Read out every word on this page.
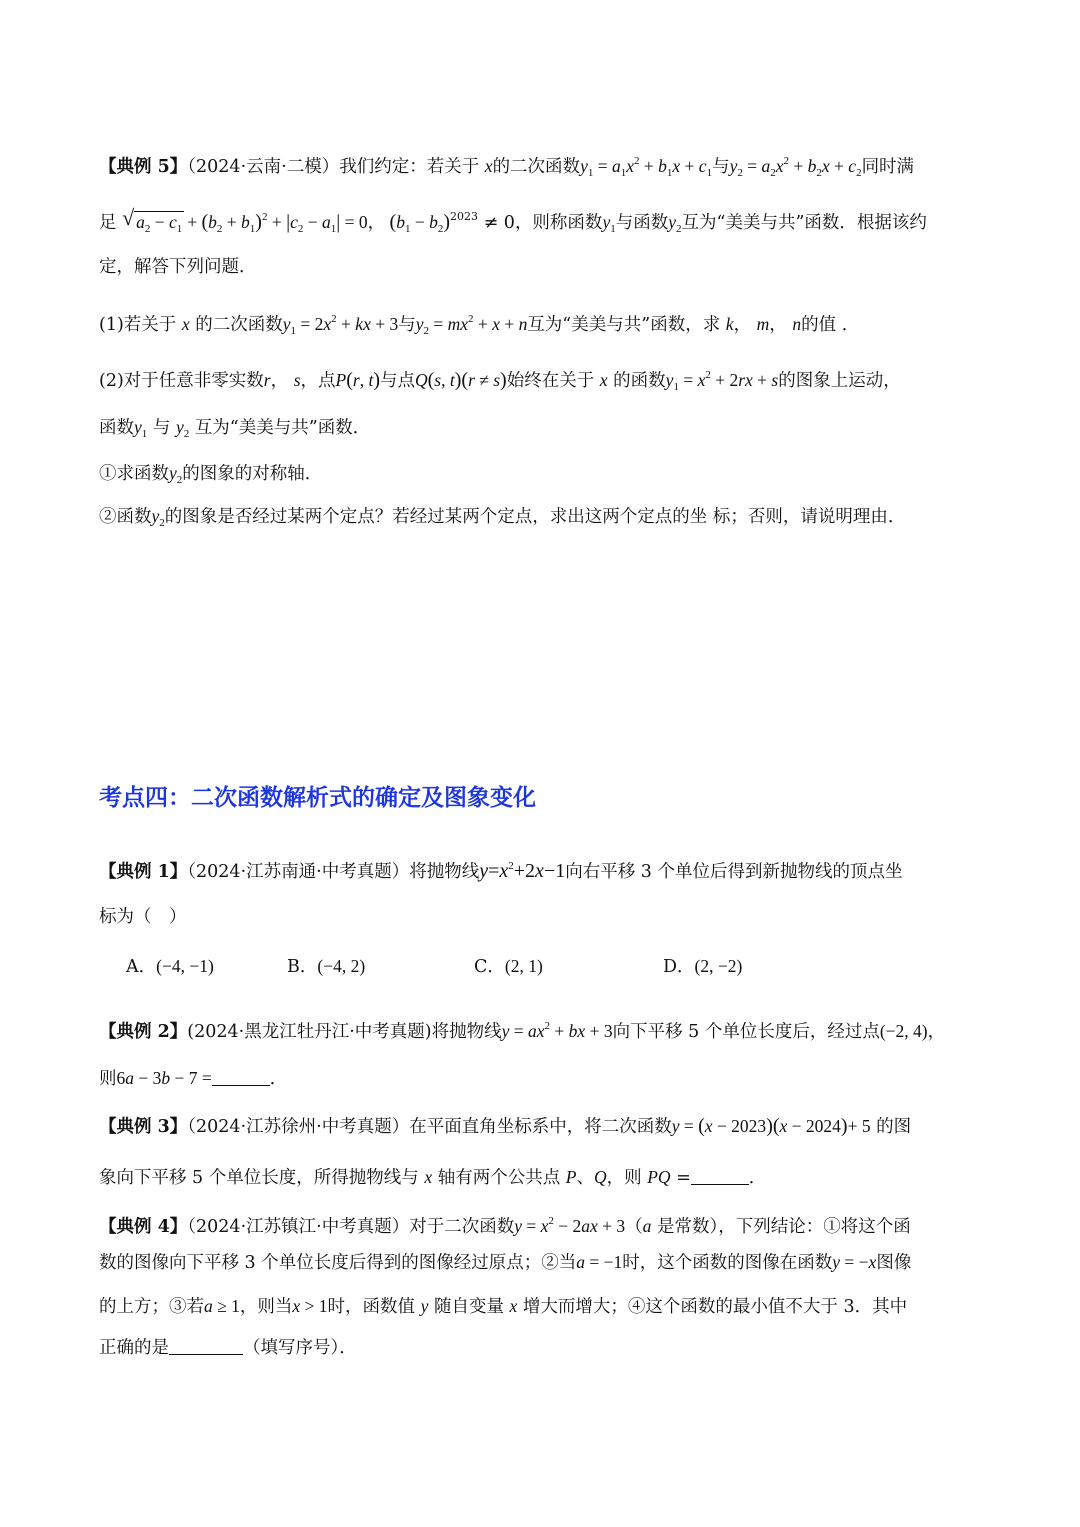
【典例 5】（2024·云南·二模）我们约定：若关于 x的二次函数$y_1 = a_1x^2 + b_1x + c_1$与$y_2 = a_2x^2 + b_2x + c_2$同时满
足 √ $a_2 - c_1 + (b_2 + b_1)^2 + |c_2 - a_1| = 0$， $(b_1 - b_2)^{2023} \ne 0$，则称函数$y_1$与函数$y_2$互为“美美与共”函数．根据该约
定，解答下列问题．
(1)若关于 x 的二次函数$y_1 = 2x^2$ + kx + 3与$y_2 = mx^2 + x + n$互为“美美与共”函数，求 k， m， n的值 ．
(2)对于任意非零实数r， s，点P(r, t)与点Q(s, t)(r ≠ s)始终在关于 x 的函数$y_1 = x^2 + 2rx + s$的图象上运动，
函数$y_1$ 与 $y_2$ 互为“美美与共”函数．
①求函数$y_2$的图象的对称轴．
②函数$y_2$的图象是否经过某两个定点？若经过某两个定点，求出这两个定点的坐 标；否则，请说明理由．
考点四：二次函数解析式的确定及图象变化
【典例 1】（2024·江苏南通·中考真题）将抛物线$y=x^2+2x-1$向右平移 3 个单位后得到新抛物线的顶点坐
标为（　）
A．(−4, −1)	B．(−4, 2)	C．(2, 1)	D．(2, −2)
【典例 2】(2024·黑龙江牡丹江·中考真题)将抛物线$y = ax^2$ + bx + 3向下平移 5 个单位长度后，经过点(−2, 4)，
则6a − 3b − 7 =	．
【典例 3】（2024·江苏徐州·中考真题）在平面直角坐标系中，将二次函数y = (x − 2023)(x − 2024)+ 5 的图
象向下平移 5 个单位长度，所得抛物线与 x 轴有两个公共点 P、Q，则 PQ =	．
【典例 4】（2024·江苏镇江·中考真题）对于二次函数$y = x^2 - 2ax + 3(a$ 是常数），下列结论：①将这个函
数的图像向下平移 3 个单位长度后得到的图像经过原点；②当a = −1时，这个函数的图像在函数y = −x图像
的上方；③若a ≥ 1，则当x > 1时，函数值 y 随自变量 x 增大而增大；④这个函数的最小值不大于 3．其中
正确的是	（填写序号）．
